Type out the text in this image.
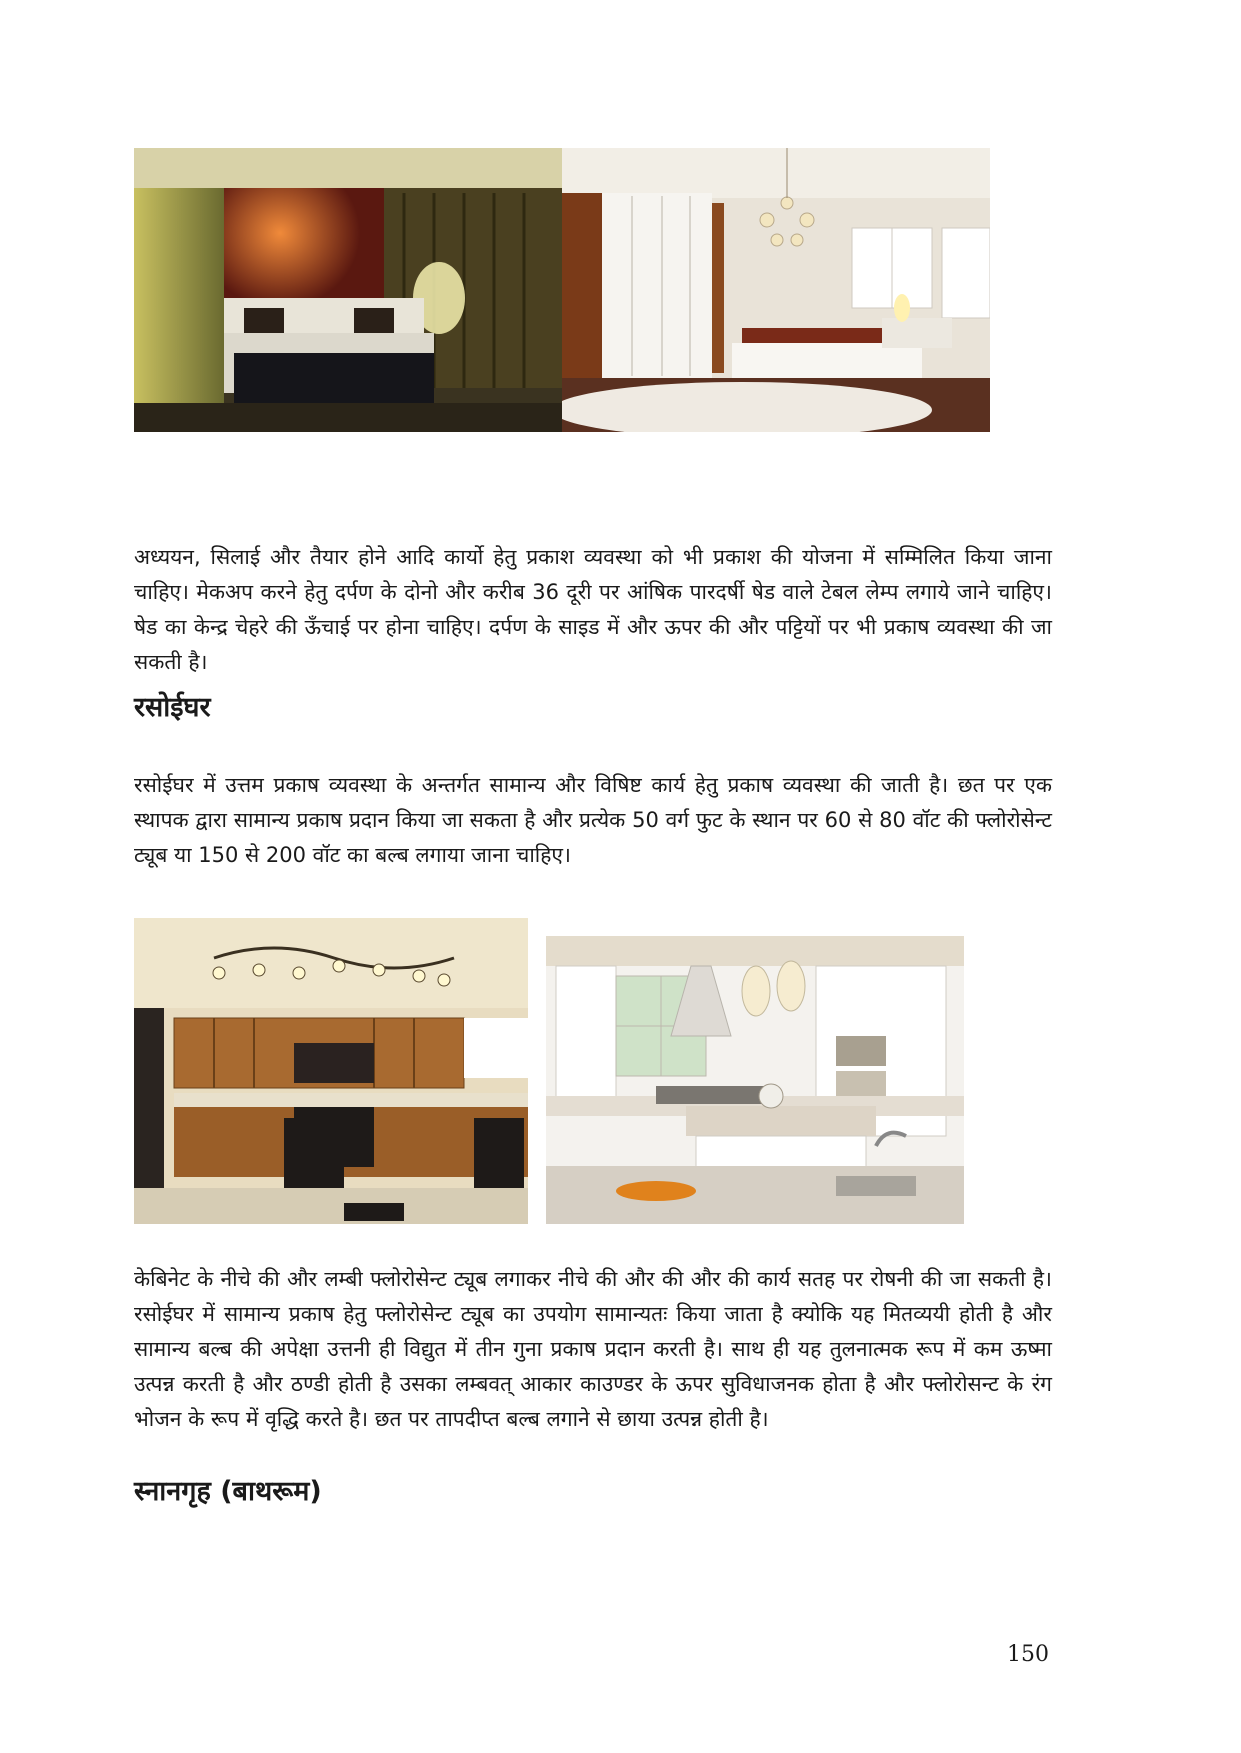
अध्ययन, सिलाई और तैयार होने आदि कार्यो हेतु प्रकाश व्यवस्था को भी प्रकाश की योजना में सम्मिलित किया जाना चाहिए। मेकअप करने हेतु दर्पण के दोनो और करीब 36 दूरी पर आंषिक पारदर्षी षेड वाले टेबल लेम्प लगाये जाने चाहिए। षेड का केन्द्र चेहरे की ऊँचाई पर होना चाहिए। दर्पण के साइड में और ऊपर की और पट्टियों पर भी प्रकाष व्यवस्था की जा सकती है।

रसोईघर

रसोईघर में उत्तम प्रकाष व्यवस्था के अन्तर्गत सामान्य और विषिष्ट कार्य हेतु प्रकाष व्यवस्था की जाती है। छत पर एक स्थापक द्वारा सामान्य प्रकाष प्रदान किया जा सकता है और प्रत्येक 50 वर्ग फुट के स्थान पर 60 से 80 वॉट की फ्लोरोसेन्ट ट्यूब या 150 से 200 वॉट का बल्ब लगाया जाना चाहिए।

केबिनेट के नीचे की और लम्बी फ्लोरोसेन्ट ट्यूब लगाकर नीचे की और की और की कार्य सतह पर रोषनी की जा सकती है। रसोईघर में सामान्य प्रकाष हेतु फ्लोरोसेन्ट ट्यूब का उपयोग सामान्यतः किया जाता है क्योकि यह मितव्ययी होती है और सामान्य बल्ब की अपेक्षा उत्तनी ही विद्युत में तीन गुना प्रकाष प्रदान करती है। साथ ही यह तुलनात्मक रूप में कम ऊष्मा उत्पन्न करती है और ठण्डी होती है उसका लम्बवत् आकार काउण्डर के ऊपर सुविधाजनक होता है और फ्लोरोसन्ट के रंग भोजन के रूप में वृद्धि करते है। छत पर तापदीप्त बल्ब लगाने से छाया उत्पन्न होती है।

स्नानगृह (बाथरूम)
150
